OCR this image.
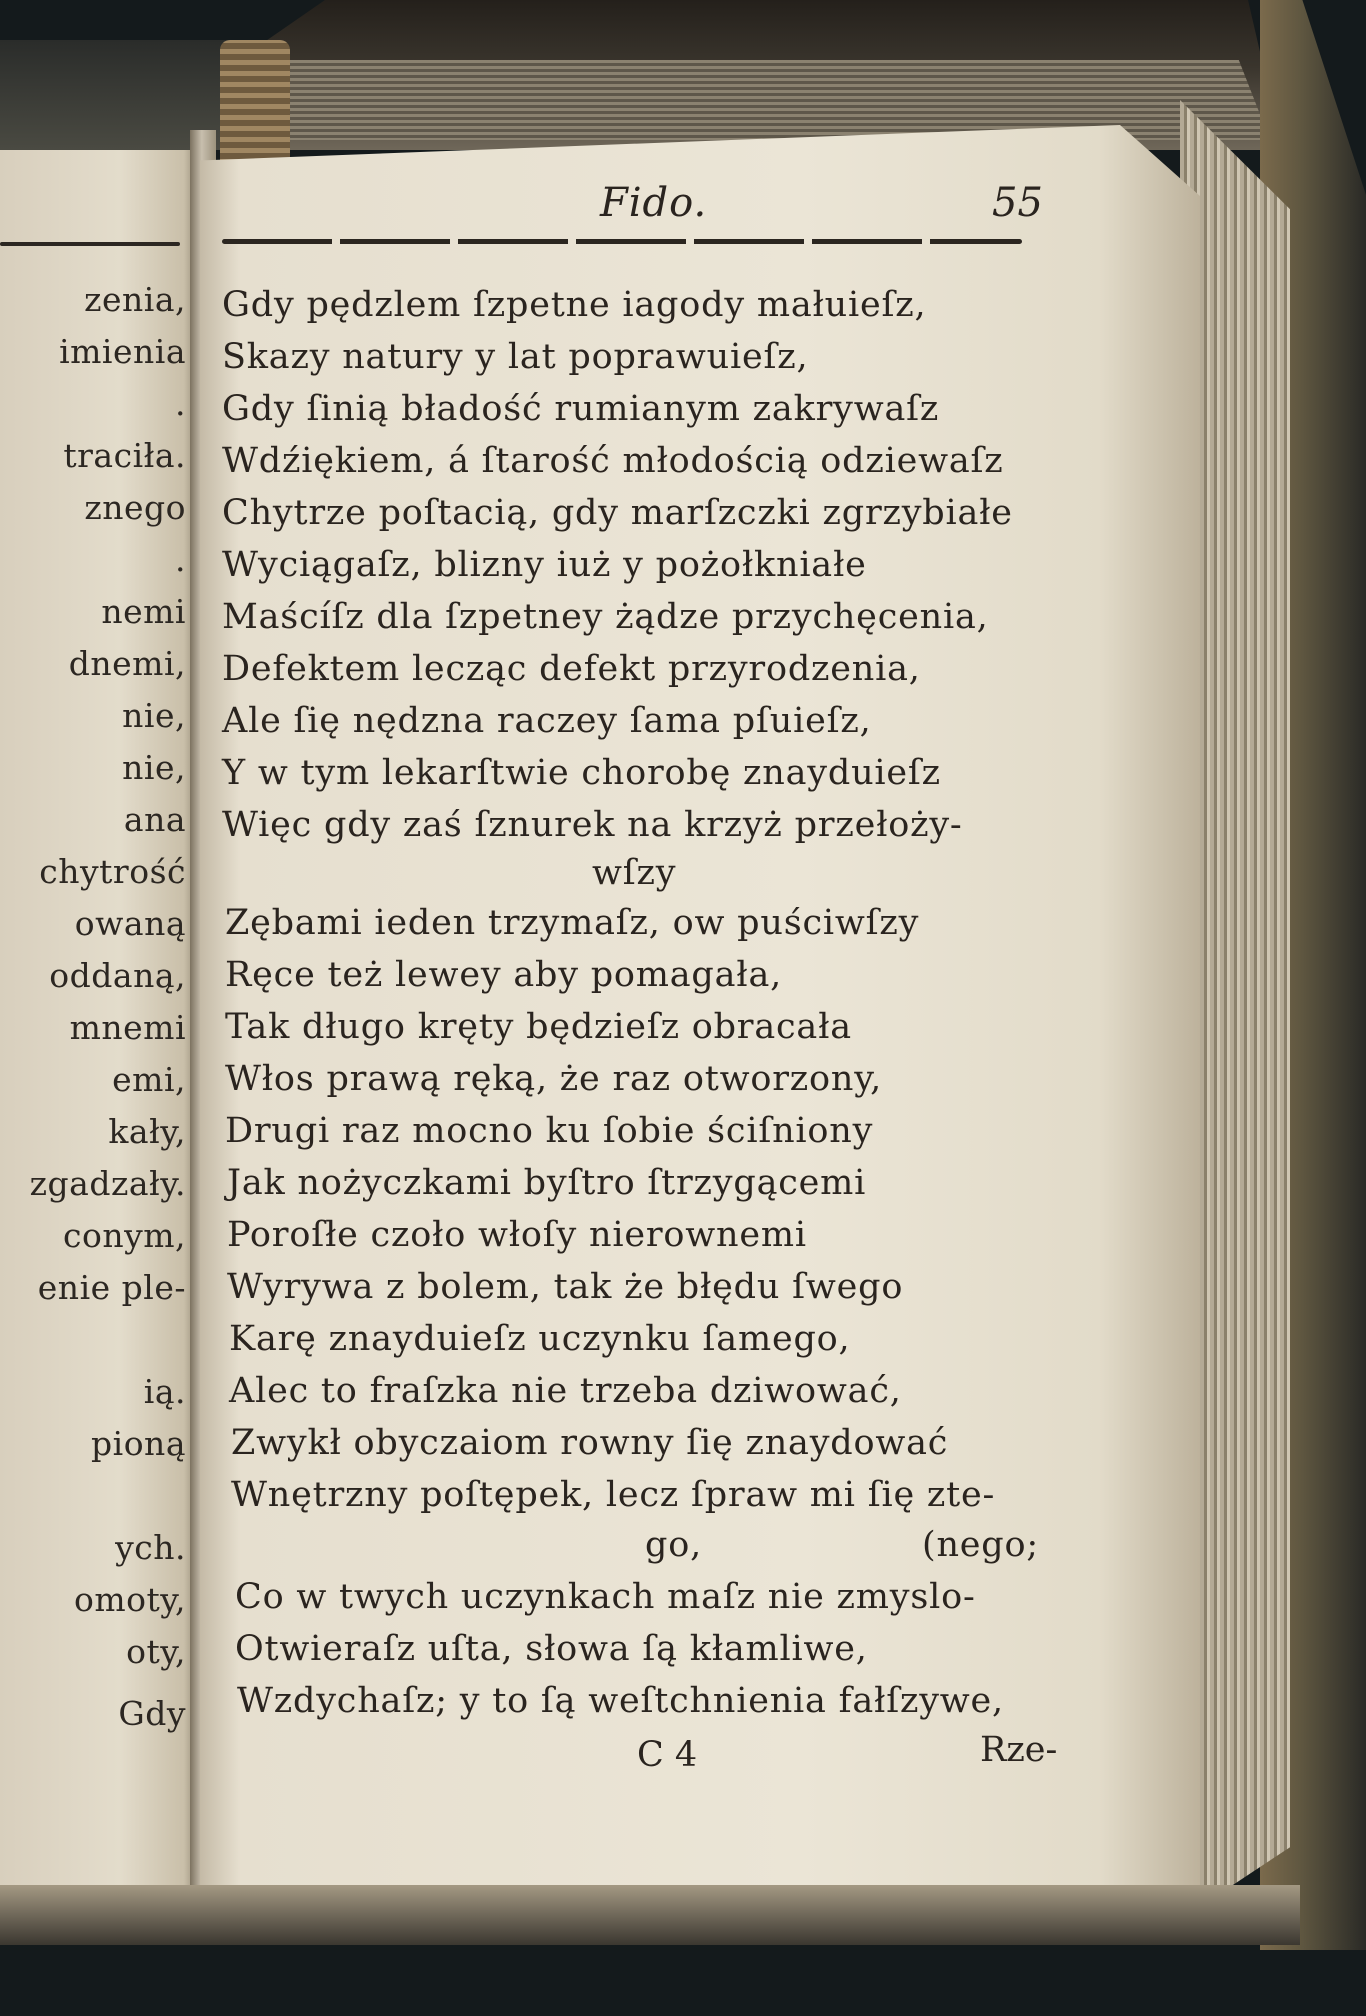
zenia,
imienia
.
traciła.
znego
.
nemi
dnemi,
nie,
nie,
ana
chytrość
owaną
oddaną,
mnemi
emi,
kały,
zgadzały.
conym,
enie ple-
ią.
pioną
ych.
omoty,
oty,
Gdy
Fido.	55
Gdy pędzlem ſzpetne iagody małuieſz,
Skazy natury y lat poprawuieſz,
Gdy ſinią bładość rumianym zakrywaſz
Wdźiękiem, á ſtarość młodością odziewaſz
Chytrze poſtacią, gdy marſzczki zgrzybiałe
Wyciągaſz, blizny iuż y pożołkniałe
Maścíſz dla ſzpetney żądze przychęcenia,
Defektem lecząc defekt przyrodzenia,
Ale ſię nędzna raczey ſama pſuieſz,
Y w tym lekarſtwie chorobę znayduieſz
Więc gdy zaś ſznurek na krzyż przełoży-
wſzy
Zębami ieden trzymaſz, ow puściwſzy
Ręce też lewey aby pomagała,
Tak długo kręty będzieſz obracała
Włos prawą ręką, że raz otworzony,
Drugi raz mocno ku ſobie ściſniony
Jak nożyczkami byſtro ſtrzygącemi
Poroſłe czoło włoſy nierownemi
Wyrywa z bolem, tak że błędu ſwego
Karę znayduieſz uczynku ſamego,
Alec to fraſzka nie trzeba dziwować,
Zwykł obyczaiom rowny ſię znaydować
Wnętrzny poſtępek, lecz ſpraw mi ſię zte-
go,	(nego;
Co w twych uczynkach maſz nie zmyslo-
Otwieraſz uſta, słowa ſą kłamliwe,
Wzdychaſz; y to ſą weſtchnienia fałſzywe,
C 4	Rze-
